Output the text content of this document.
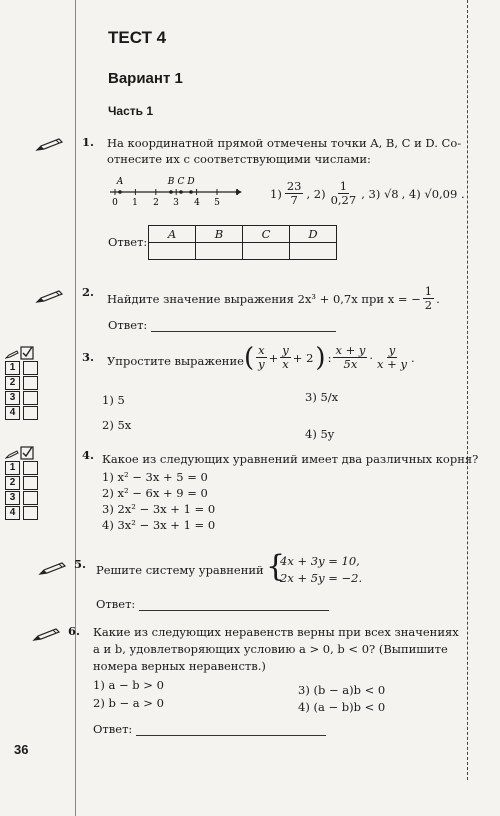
ТЕСТ 4
Вариант 1
Часть 1
1. На координатной прямой отмечены точки A, B, C и D. Со-
отнесите их с соответствующими числами:
A	B C D
0 1 2 3 4 5
$1) \frac{23}{7}$ , $2) \frac{1}{0,27}$ , 3) √8 , 4) √0,09 .
Ответ:
A	B	C	D

2. Найдите значение выражения 2x³ + 0,7x при x = − $\frac{1}{2}$ .
Ответ:
1
2
3
4
3. Упростите выражение ( $\frac{x}{y} + \frac{y}{x} + 2$ ) : $\frac{x + y}{5x} \cdot \frac{y}{x + y}$ .
1) 5
2) 5x
3) 5/x
4) 5y
1
2
3
4
4. Какое из следующих уравнений имеет два различных корня?
1) x² − 3x + 5 = 0
2) x² − 6x + 9 = 0
3) 2x² − 3x + 1 = 0
4) 3x² − 3x + 1 = 0
5. Решите систему уравнений {
4x + 3y = 10,
2x + 5y = −2.
Ответ:
6. Какие из следующих неравенств верны при всех значениях
a и b, удовлетворяющих условию a > 0, b < 0? (Выпишите
номера верных неравенств.)
1) a − b > 0
2) b − a > 0
3) (b − a)b < 0
4) (a − b)b < 0
Ответ:
36
